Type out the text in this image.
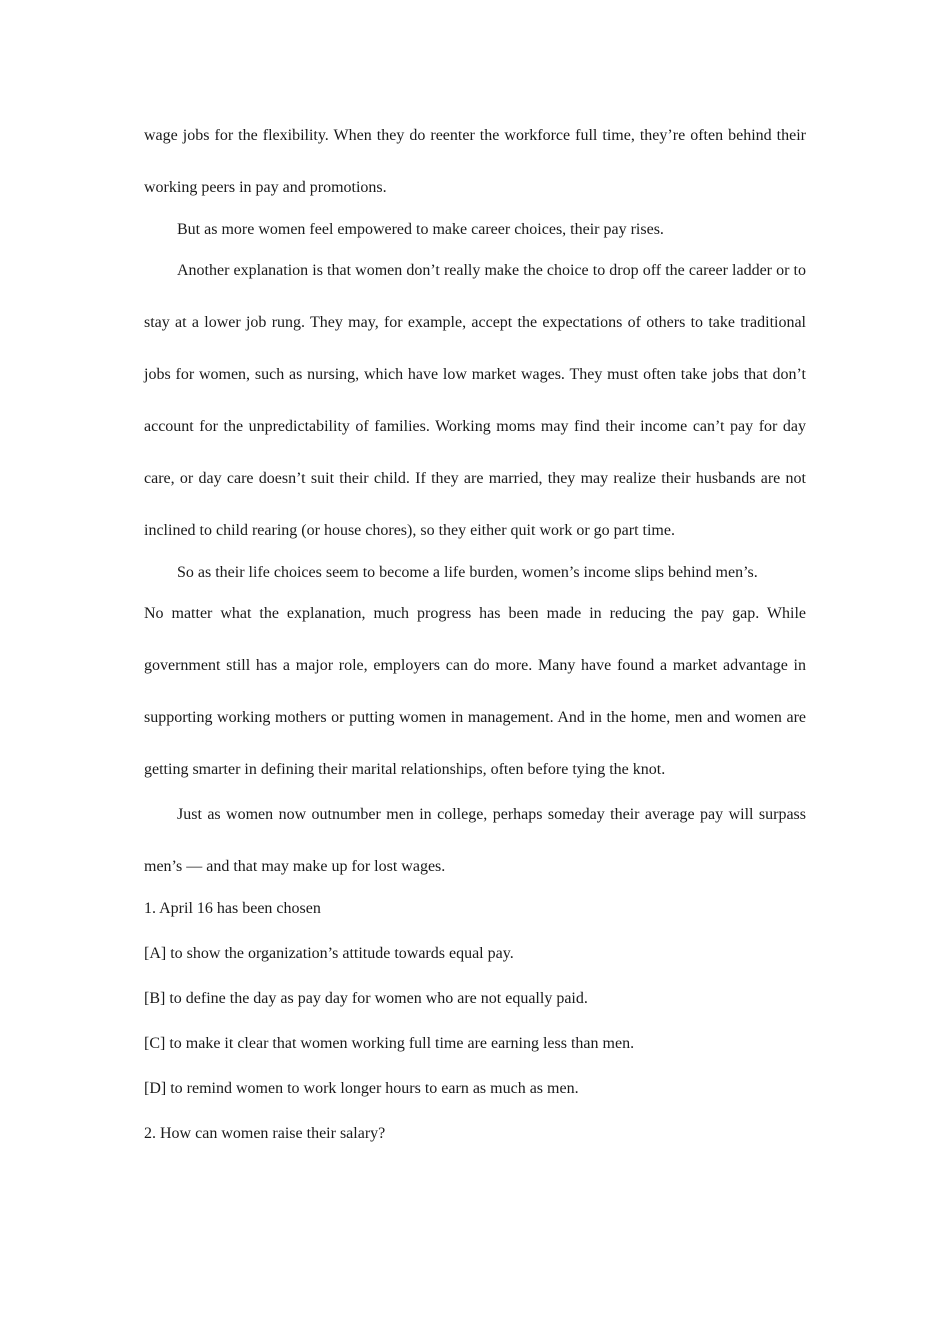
wage jobs for the flexibility. When they do reenter the workforce full time, they’re often behind their working peers in pay and promotions.

But as more women feel empowered to make career choices, their pay rises.

Another explanation is that women don’t really make the choice to drop off the career ladder or to stay at a lower job rung. They may, for example, accept the expectations of others to take traditional jobs for women, such as nursing, which have low market wages. They must often take jobs that don’t account for the unpredictability of families. Working moms may find their income can’t pay for day care, or day care doesn’t suit their child. If they are married, they may realize their husbands are not inclined to child rearing (or house chores), so they either quit work or go part time.

So as their life choices seem to become a life burden, women’s income slips behind men’s.

No matter what the explanation, much progress has been made in reducing the pay gap. While government still has a major role, employers can do more. Many have found a market advantage in supporting working mothers or putting women in management. And in the home, men and women are getting smarter in defining their marital relationships, often before tying the knot.

Just as women now outnumber men in college, perhaps someday their average pay will surpass men’s — and that may make up for lost wages.

1. April 16 has been chosen

[A] to show the organization’s attitude towards equal pay.

[B] to define the day as pay day for women who are not equally paid.

[C] to make it clear that women working full time are earning less than men.

[D] to remind women to work longer hours to earn as much as men.

2. How can women raise their salary?
